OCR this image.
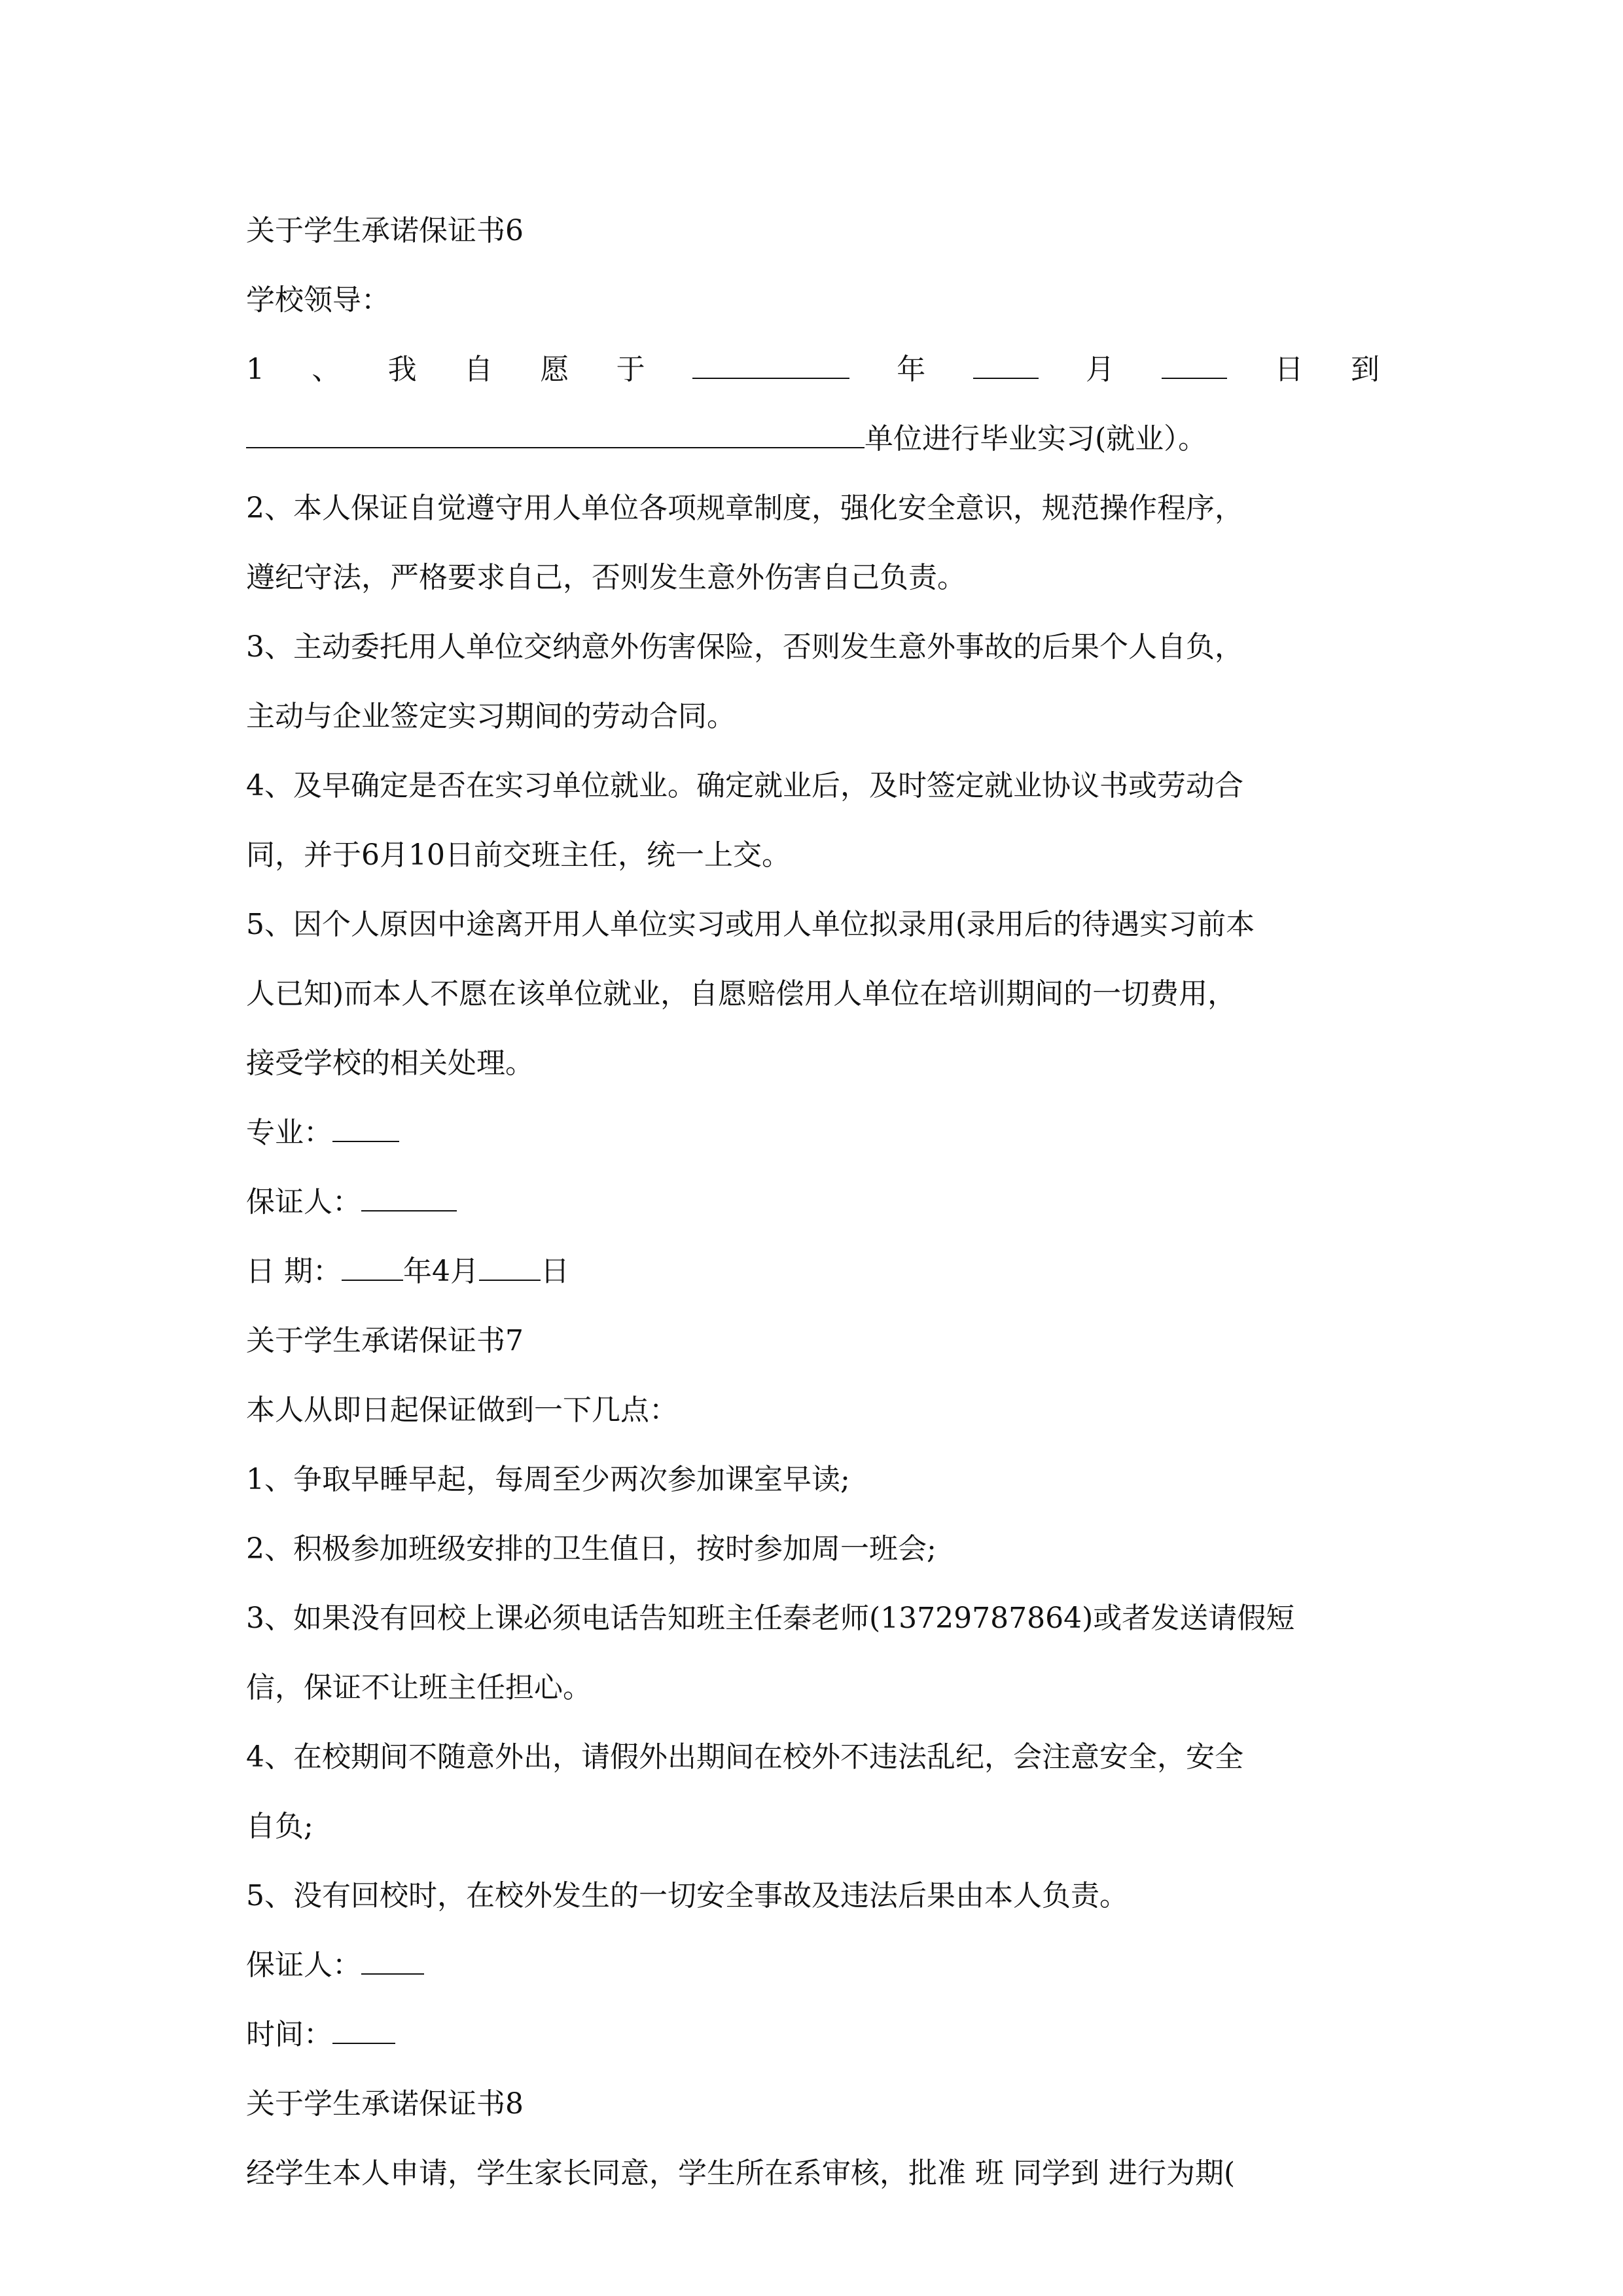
关于学生承诺保证书6
学校领导：
1 、 我 自 愿 于	年	月	日 到
单位进行毕业实习(就业）。
2、本人保证自觉遵守用人单位各项规章制度，强化安全意识，规范操作程序，
遵纪守法，严格要求自己，否则发生意外伤害自己负责。
3、主动委托用人单位交纳意外伤害保险，否则发生意外事故的后果个人自负，
主动与企业签定实习期间的劳动合同。
4、及早确定是否在实习单位就业。确定就业后，及时签定就业协议书或劳动合
同，并于6月10日前交班主任，统一上交。
5、因个人原因中途离开用人单位实习或用人单位拟录用(录用后的待遇实习前本
人已知)而本人不愿在该单位就业，自愿赔偿用人单位在培训期间的一切费用，
接受学校的相关处理。
专业：
保证人：
日 期： 年4月 日
关于学生承诺保证书7
本人从即日起保证做到一下几点：
1、争取早睡早起，每周至少两次参加课室早读;
2、积极参加班级安排的卫生值日，按时参加周一班会;
3、如果没有回校上课必须电话告知班主任秦老师(13729787864)或者发送请假短
信，保证不让班主任担心。
4、在校期间不随意外出，请假外出期间在校外不违法乱纪，会注意安全，安全
自负;
5、没有回校时，在校外发生的一切安全事故及违法后果由本人负责。
保证人：
时间：
关于学生承诺保证书8
经学生本人申请，学生家长同意，学生所在系审核，批准 班 同学到 进行为期(
